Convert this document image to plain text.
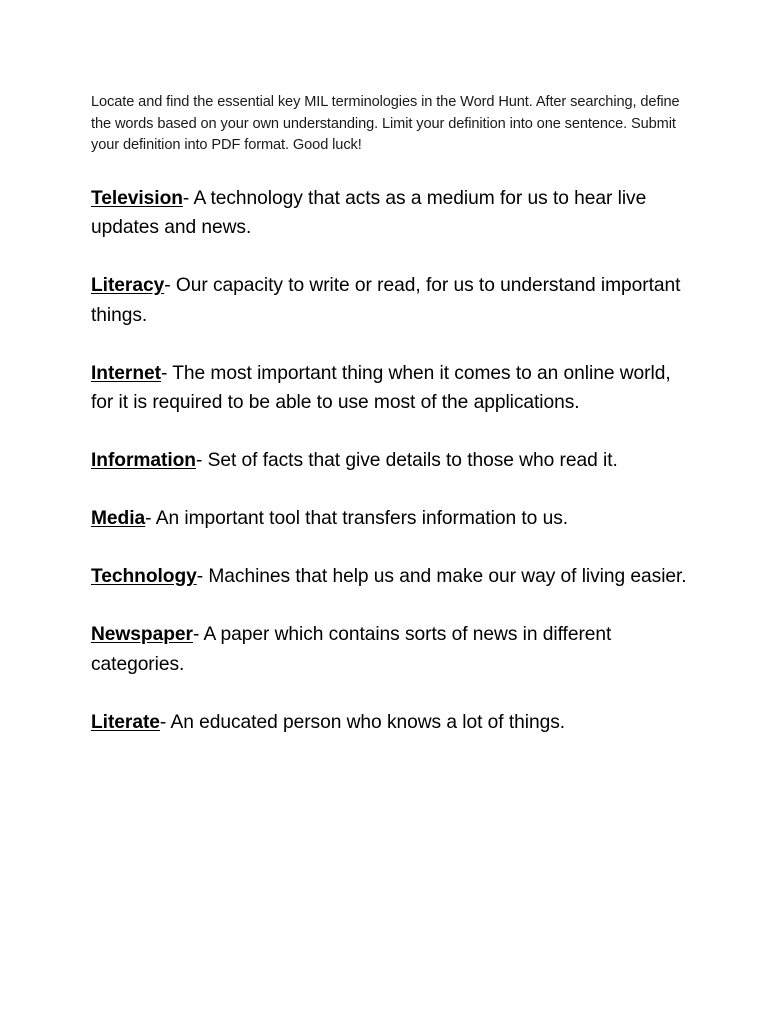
Locate and find the essential key MIL terminologies in the Word Hunt. After searching, define the words based on your own understanding. Limit your definition into one sentence. Submit your definition into PDF format. Good luck!

Television- A technology that acts as a medium for us to hear live updates and news.

Literacy- Our capacity to write or read, for us to understand important things.

Internet- The most important thing when it comes to an online world, for it is required to be able to use most of the applications.

Information- Set of facts that give details to those who read it.

Media- An important tool that transfers information to us.

Technology- Machines that help us and make our way of living easier.

Newspaper- A paper which contains sorts of news in different categories.

Literate- An educated person who knows a lot of things.
